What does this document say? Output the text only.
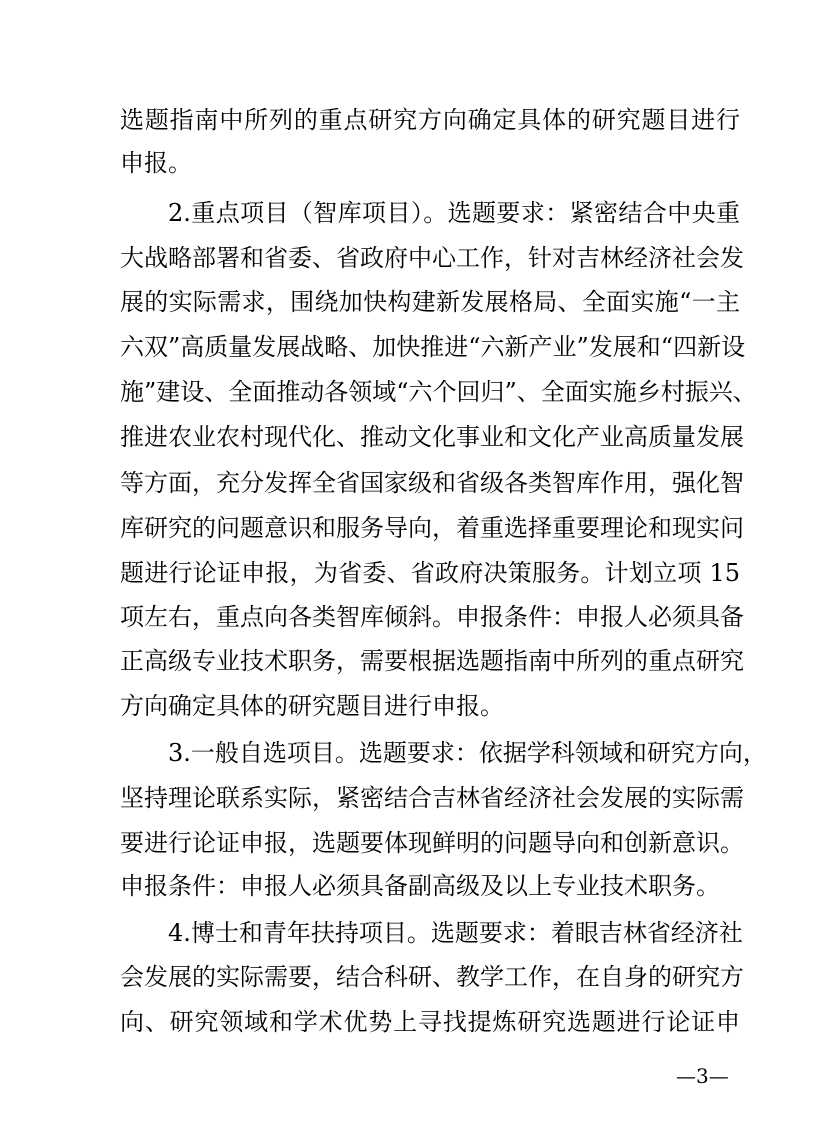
选题指南中所列的重点研究方向确定具体的研究题目进行
申报。
2.重点项目（智库项目）。选题要求：紧密结合中央重
大战略部署和省委、省政府中心工作，针对吉林经济社会发
展的实际需求，围绕加快构建新发展格局、全面实施“一主
六双”高质量发展战略、加快推进“六新产业”发展和“四新设
施”建设、全面推动各领域“六个回归”、全面实施乡村振兴、
推进农业农村现代化、推动文化事业和文化产业高质量发展
等方面，充分发挥全省国家级和省级各类智库作用，强化智
库研究的问题意识和服务导向，着重选择重要理论和现实问
题进行论证申报，为省委、省政府决策服务。计划立项 15
项左右，重点向各类智库倾斜。申报条件：申报人必须具备
正高级专业技术职务，需要根据选题指南中所列的重点研究
方向确定具体的研究题目进行申报。
3.一般自选项目。选题要求：依据学科领域和研究方向，
坚持理论联系实际，紧密结合吉林省经济社会发展的实际需
要进行论证申报，选题要体现鲜明的问题导向和创新意识。
申报条件：申报人必须具备副高级及以上专业技术职务。
4.博士和青年扶持项目。选题要求：着眼吉林省经济社
会发展的实际需要，结合科研、教学工作，在自身的研究方
向、研究领域和学术优势上寻找提炼研究选题进行论证申
—3—
